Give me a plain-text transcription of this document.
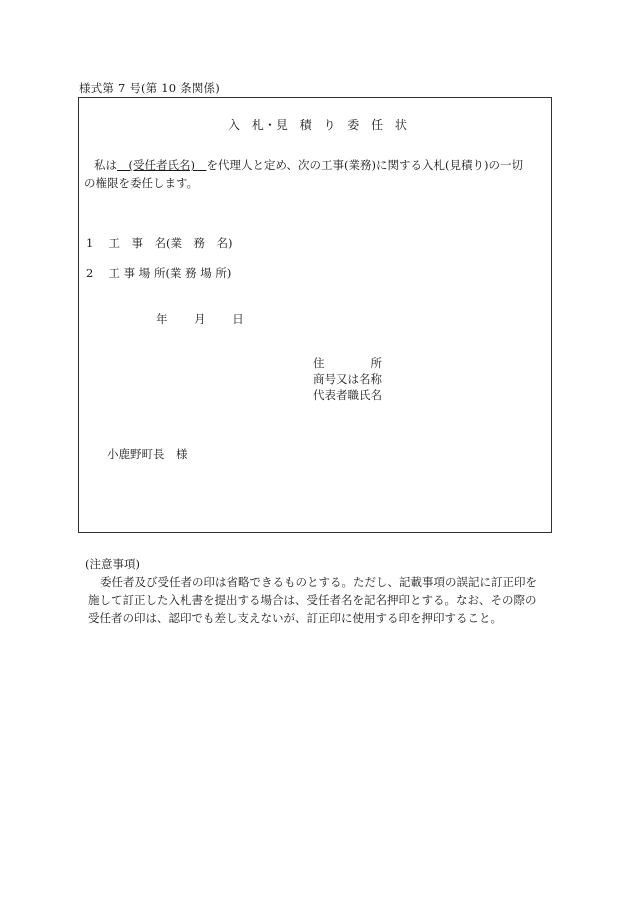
様式第 7 号(第 10 条関係)
入 札・見 積 り 委 任 状
私は　(受任者氏名)　を代理人と定め、次の工事(業務)に関する入札(見積り)の一切
の権限を委任します。
1　 工　事　名(業　務　名)
2　 工 事 場 所(業 務 場 所)
年　　 月　　 日
住　　　　所
商号又は名称
代表者職氏名
小鹿野町長　様
(注意事項)
委任者及び受任者の印は省略できるものとする。ただし、記載事項の誤記に訂正印を
施して訂正した入札書を提出する場合は、受任者名を記名押印とする。なお、その際の
受任者の印は、認印でも差し支えないが、訂正印に使用する印を押印すること。
